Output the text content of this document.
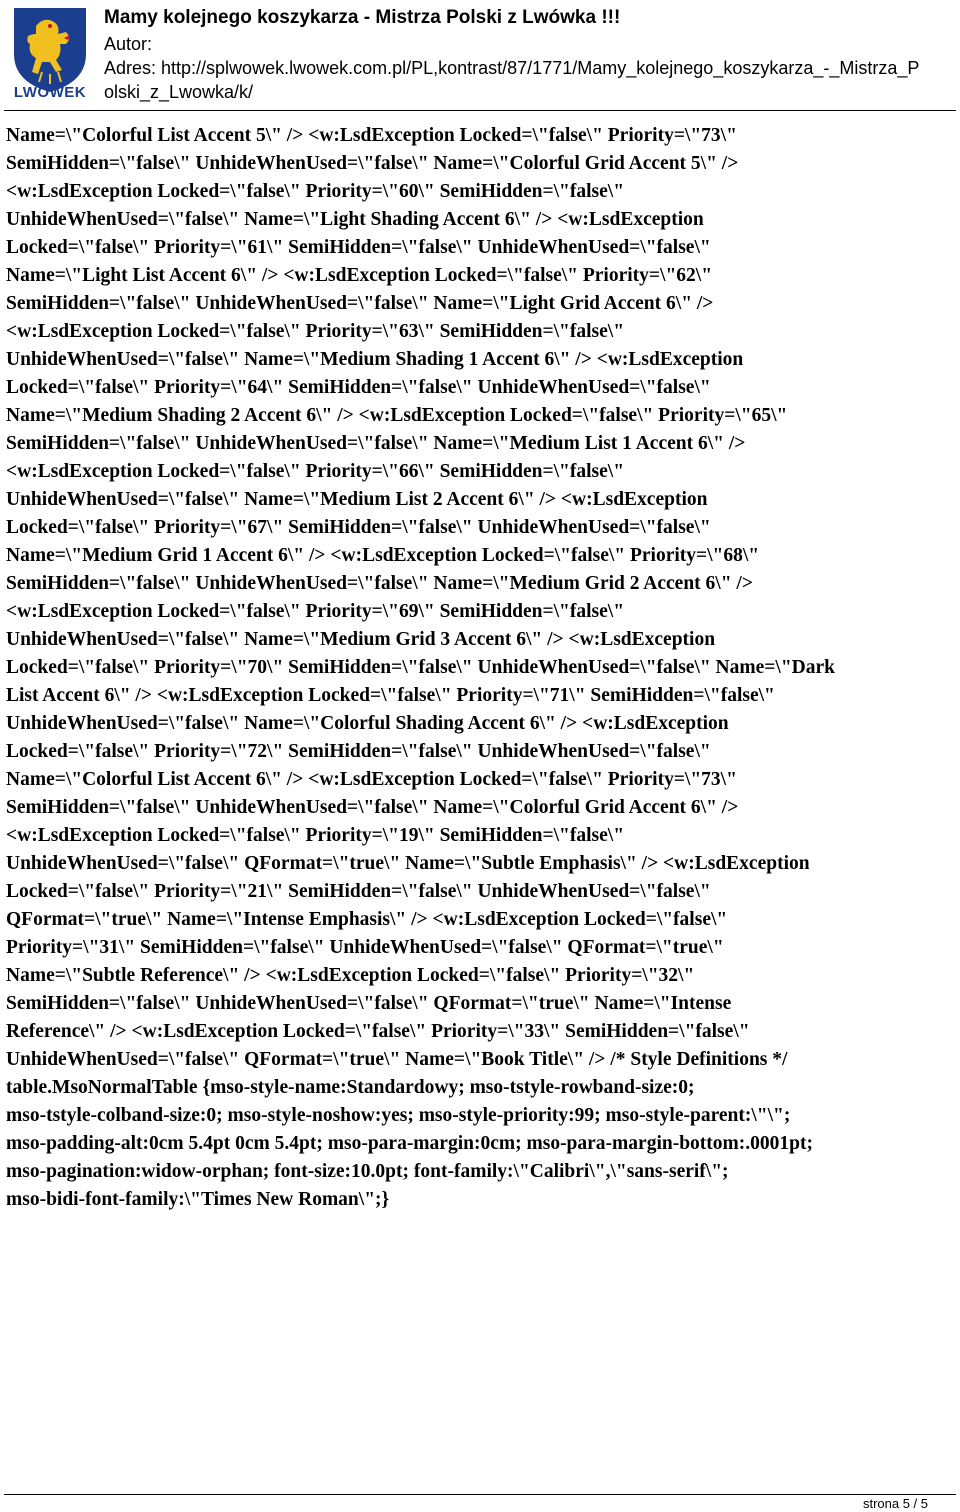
LWÓWEK
Mamy kolejnego koszykarza - Mistrza Polski z Lwówka !!!
Autor:
Adres: http://splwowek.lwowek.com.pl/PL,kontrast/87/1771/Mamy_kolejnego_koszykarza_-_Mistrza_P
olski_z_Lwowka/k/
Name=\"Colorful List Accent 5\" /> <w:LsdException Locked=\"false\" Priority=\"73\"
SemiHidden=\"false\" UnhideWhenUsed=\"false\" Name=\"Colorful Grid Accent 5\" />
<w:LsdException Locked=\"false\" Priority=\"60\" SemiHidden=\"false\"
UnhideWhenUsed=\"false\" Name=\"Light Shading Accent 6\" /> <w:LsdException
Locked=\"false\" Priority=\"61\" SemiHidden=\"false\" UnhideWhenUsed=\"false\"
Name=\"Light List Accent 6\" /> <w:LsdException Locked=\"false\" Priority=\"62\"
SemiHidden=\"false\" UnhideWhenUsed=\"false\" Name=\"Light Grid Accent 6\" />
<w:LsdException Locked=\"false\" Priority=\"63\" SemiHidden=\"false\"
UnhideWhenUsed=\"false\" Name=\"Medium Shading 1 Accent 6\" /> <w:LsdException
Locked=\"false\" Priority=\"64\" SemiHidden=\"false\" UnhideWhenUsed=\"false\"
Name=\"Medium Shading 2 Accent 6\" /> <w:LsdException Locked=\"false\" Priority=\"65\"
SemiHidden=\"false\" UnhideWhenUsed=\"false\" Name=\"Medium List 1 Accent 6\" />
<w:LsdException Locked=\"false\" Priority=\"66\" SemiHidden=\"false\"
UnhideWhenUsed=\"false\" Name=\"Medium List 2 Accent 6\" /> <w:LsdException
Locked=\"false\" Priority=\"67\" SemiHidden=\"false\" UnhideWhenUsed=\"false\"
Name=\"Medium Grid 1 Accent 6\" /> <w:LsdException Locked=\"false\" Priority=\"68\"
SemiHidden=\"false\" UnhideWhenUsed=\"false\" Name=\"Medium Grid 2 Accent 6\" />
<w:LsdException Locked=\"false\" Priority=\"69\" SemiHidden=\"false\"
UnhideWhenUsed=\"false\" Name=\"Medium Grid 3 Accent 6\" /> <w:LsdException
Locked=\"false\" Priority=\"70\" SemiHidden=\"false\" UnhideWhenUsed=\"false\" Name=\"Dark
List Accent 6\" /> <w:LsdException Locked=\"false\" Priority=\"71\" SemiHidden=\"false\"
UnhideWhenUsed=\"false\" Name=\"Colorful Shading Accent 6\" /> <w:LsdException
Locked=\"false\" Priority=\"72\" SemiHidden=\"false\" UnhideWhenUsed=\"false\"
Name=\"Colorful List Accent 6\" /> <w:LsdException Locked=\"false\" Priority=\"73\"
SemiHidden=\"false\" UnhideWhenUsed=\"false\" Name=\"Colorful Grid Accent 6\" />
<w:LsdException Locked=\"false\" Priority=\"19\" SemiHidden=\"false\"
UnhideWhenUsed=\"false\" QFormat=\"true\" Name=\"Subtle Emphasis\" /> <w:LsdException
Locked=\"false\" Priority=\"21\" SemiHidden=\"false\" UnhideWhenUsed=\"false\"
QFormat=\"true\" Name=\"Intense Emphasis\" /> <w:LsdException Locked=\"false\"
Priority=\"31\" SemiHidden=\"false\" UnhideWhenUsed=\"false\" QFormat=\"true\"
Name=\"Subtle Reference\" /> <w:LsdException Locked=\"false\" Priority=\"32\"
SemiHidden=\"false\" UnhideWhenUsed=\"false\" QFormat=\"true\" Name=\"Intense
Reference\" /> <w:LsdException Locked=\"false\" Priority=\"33\" SemiHidden=\"false\"
UnhideWhenUsed=\"false\" QFormat=\"true\" Name=\"Book Title\" /> /* Style Definitions */
table.MsoNormalTable {mso-style-name:Standardowy; mso-tstyle-rowband-size:0;
mso-tstyle-colband-size:0; mso-style-noshow:yes; mso-style-priority:99; mso-style-parent:\"\";
mso-padding-alt:0cm 5.4pt 0cm 5.4pt; mso-para-margin:0cm; mso-para-margin-bottom:.0001pt;
mso-pagination:widow-orphan; font-size:10.0pt; font-family:\"Calibri\",\"sans-serif\";
mso-bidi-font-family:\"Times New Roman\";}
strona 5 / 5
